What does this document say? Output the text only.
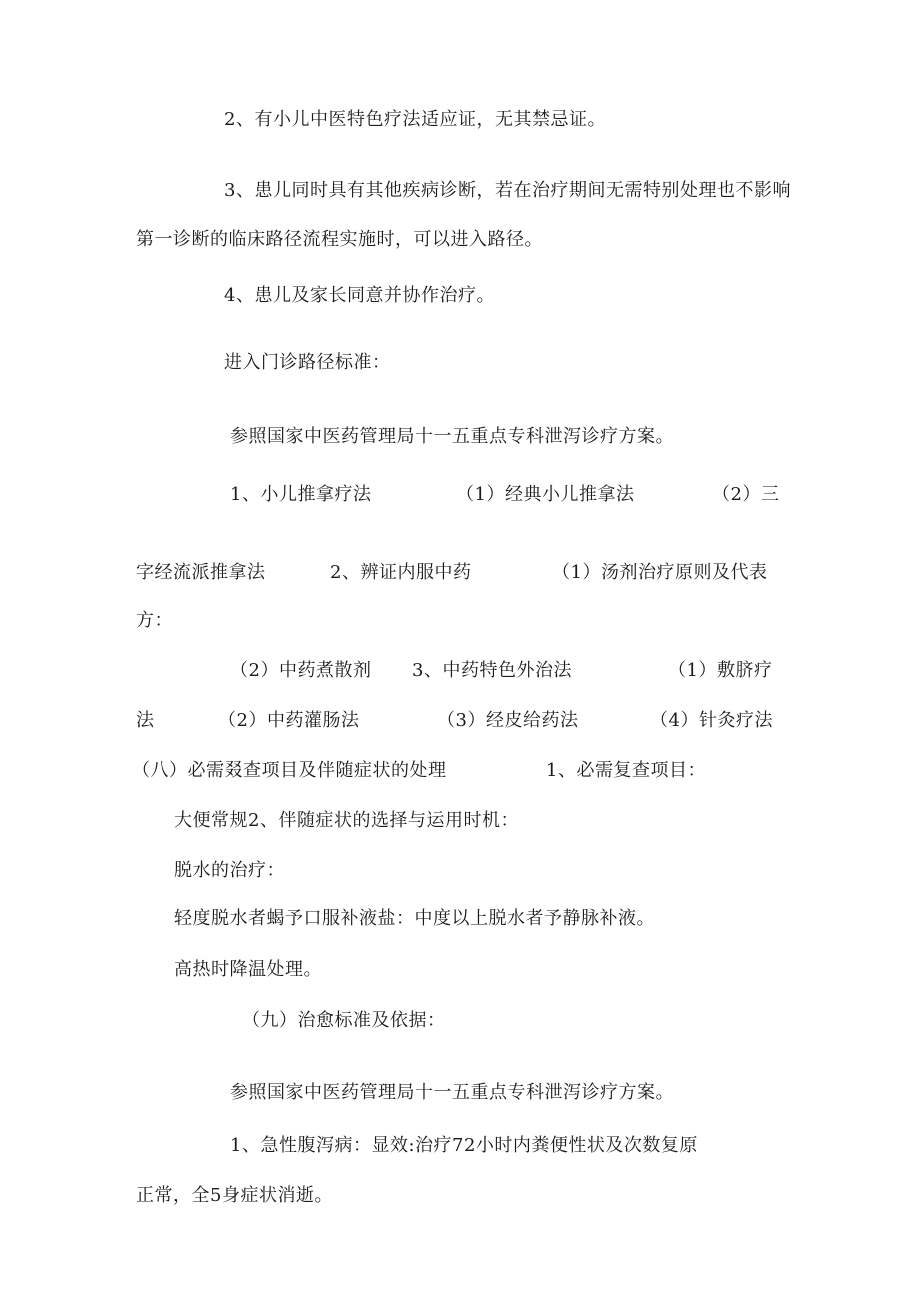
2、有小儿中医特色疗法适应证，无其禁忌证。
3、患儿同时具有其他疾病诊断，若在治疗期间无需特别处理也不影响
第一诊断的临床路径流程实施时，可以进入路径。
4、患儿及家长同意并协作治疗。
进入门诊路径标准：
参照国家中医药管理局十一五重点专科泄泻诊疗方案。
1、小儿推拿疗法	（1）经典小儿推拿法	（2）三
字经流派推拿法	2、辨证内服中药	（1）汤剂治疗原则及代表
方：
（2）中药煮散剂 3、中药特色外治法	（1）敷脐疗
法	（2）中药灌肠法	（3）经皮给药法	（4）针灸疗法
（八）必需叕查项目及伴随症状的处理	1、必需复查项目：
大便常规2、伴随症状的选择与运用时机：
脱水的治疗：
轻度脱水者蝎予口服补液盐：中度以上脱水者予静脉补液。
高热时降温处理。
（九）治愈标准及依据：
参照国家中医药管理局十一五重点专科泄泻诊疗方案。
1、急性腹泻病：显效:治疗72小时内粪便性状及次数复原
正常，全5身症状消逝。
